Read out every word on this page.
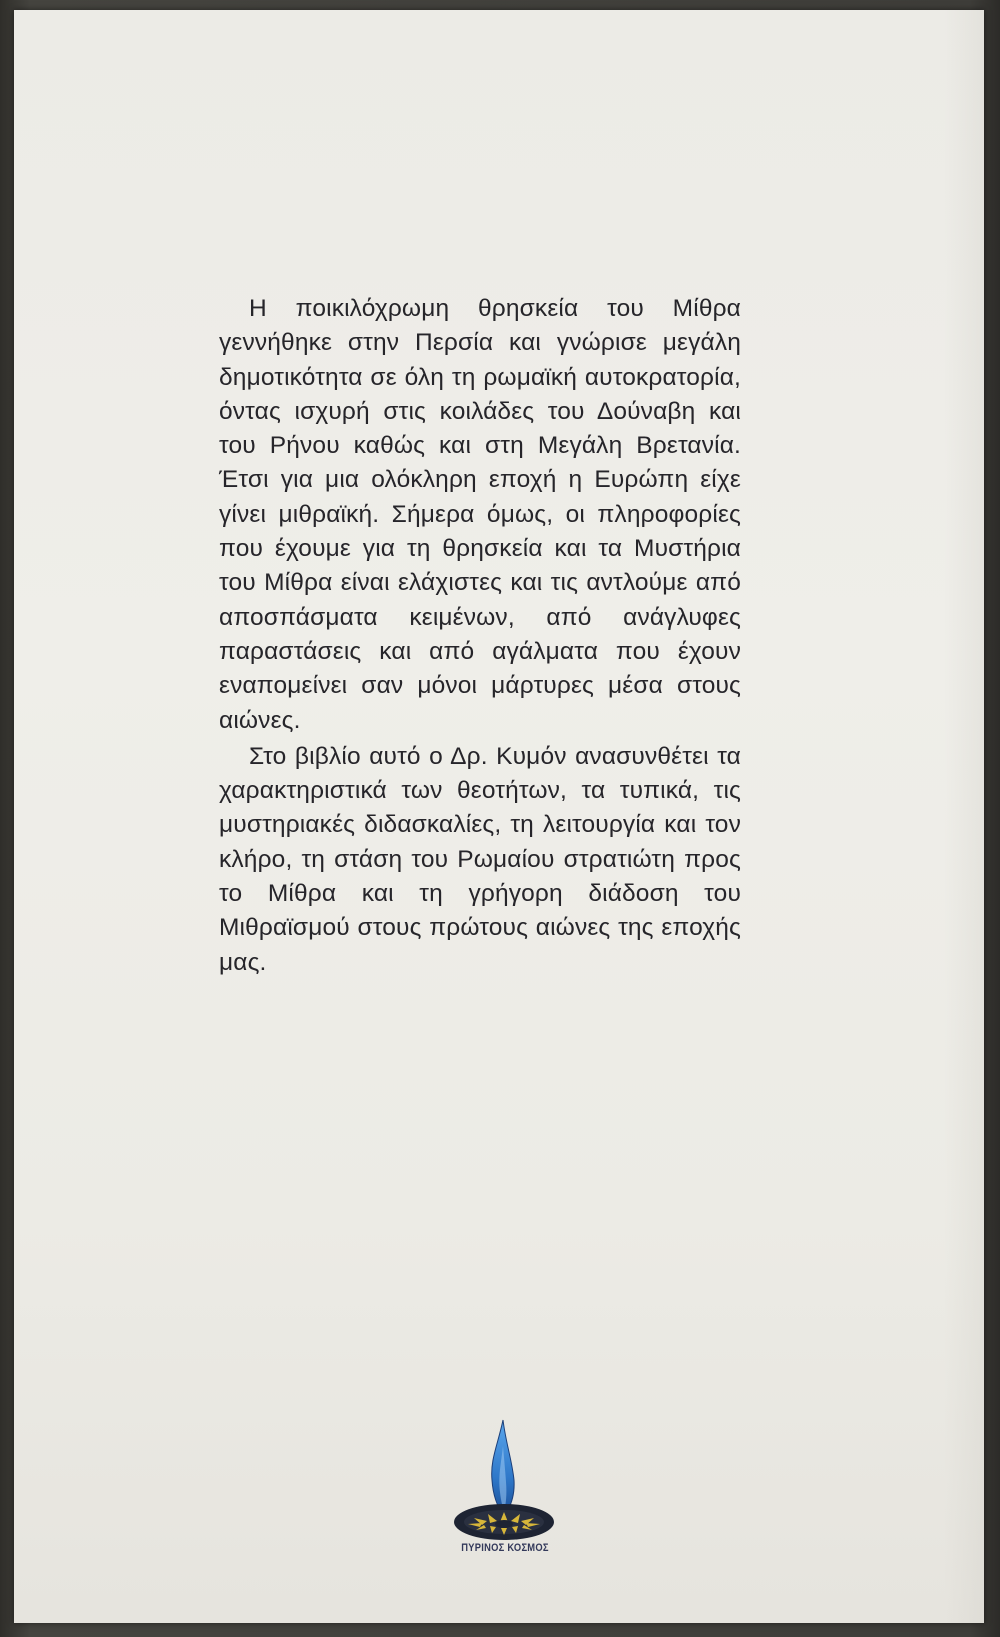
Η ποικιλόχρωμη θρησκεία του Μίθρα γεννήθηκε στην Περσία και γνώρισε μεγάλη δημοτικότητα σε όλη τη ρωμαϊκή αυτοκρατορία, όντας ισχυρή στις κοιλάδες του Δούναβη και του Ρήνου καθώς και στη Μεγάλη Βρετανία. Έτσι για μια ολόκληρη εποχή η Ευρώπη είχε γίνει μιθραϊκή. Σήμερα όμως, οι πληροφορίες που έχουμε για τη θρησκεία και τα Μυστήρια του Μίθρα είναι ελάχιστες και τις αντλούμε από αποσπάσματα κειμένων, από ανάγλυφες παραστάσεις και από αγάλματα που έχουν εναπομείνει σαν μόνοι μάρτυρες μέσα στους αιώνες.

Στο βιβλίο αυτό ο Δρ. Κυμόν ανασυνθέτει τα χαρακτηριστικά των θεοτήτων, τα τυπικά, τις μυστηριακές διδασκαλίες, τη λειτουργία και τον κλήρο, τη στάση του Ρωμαίου στρατιώτη προς το Μίθρα και τη γρήγορη διάδοση του Μιθραϊσμού στους πρώτους αιώνες της εποχής μας.

ΠΥΡΙΝΟΣ ΚΟΣΜΟΣ
